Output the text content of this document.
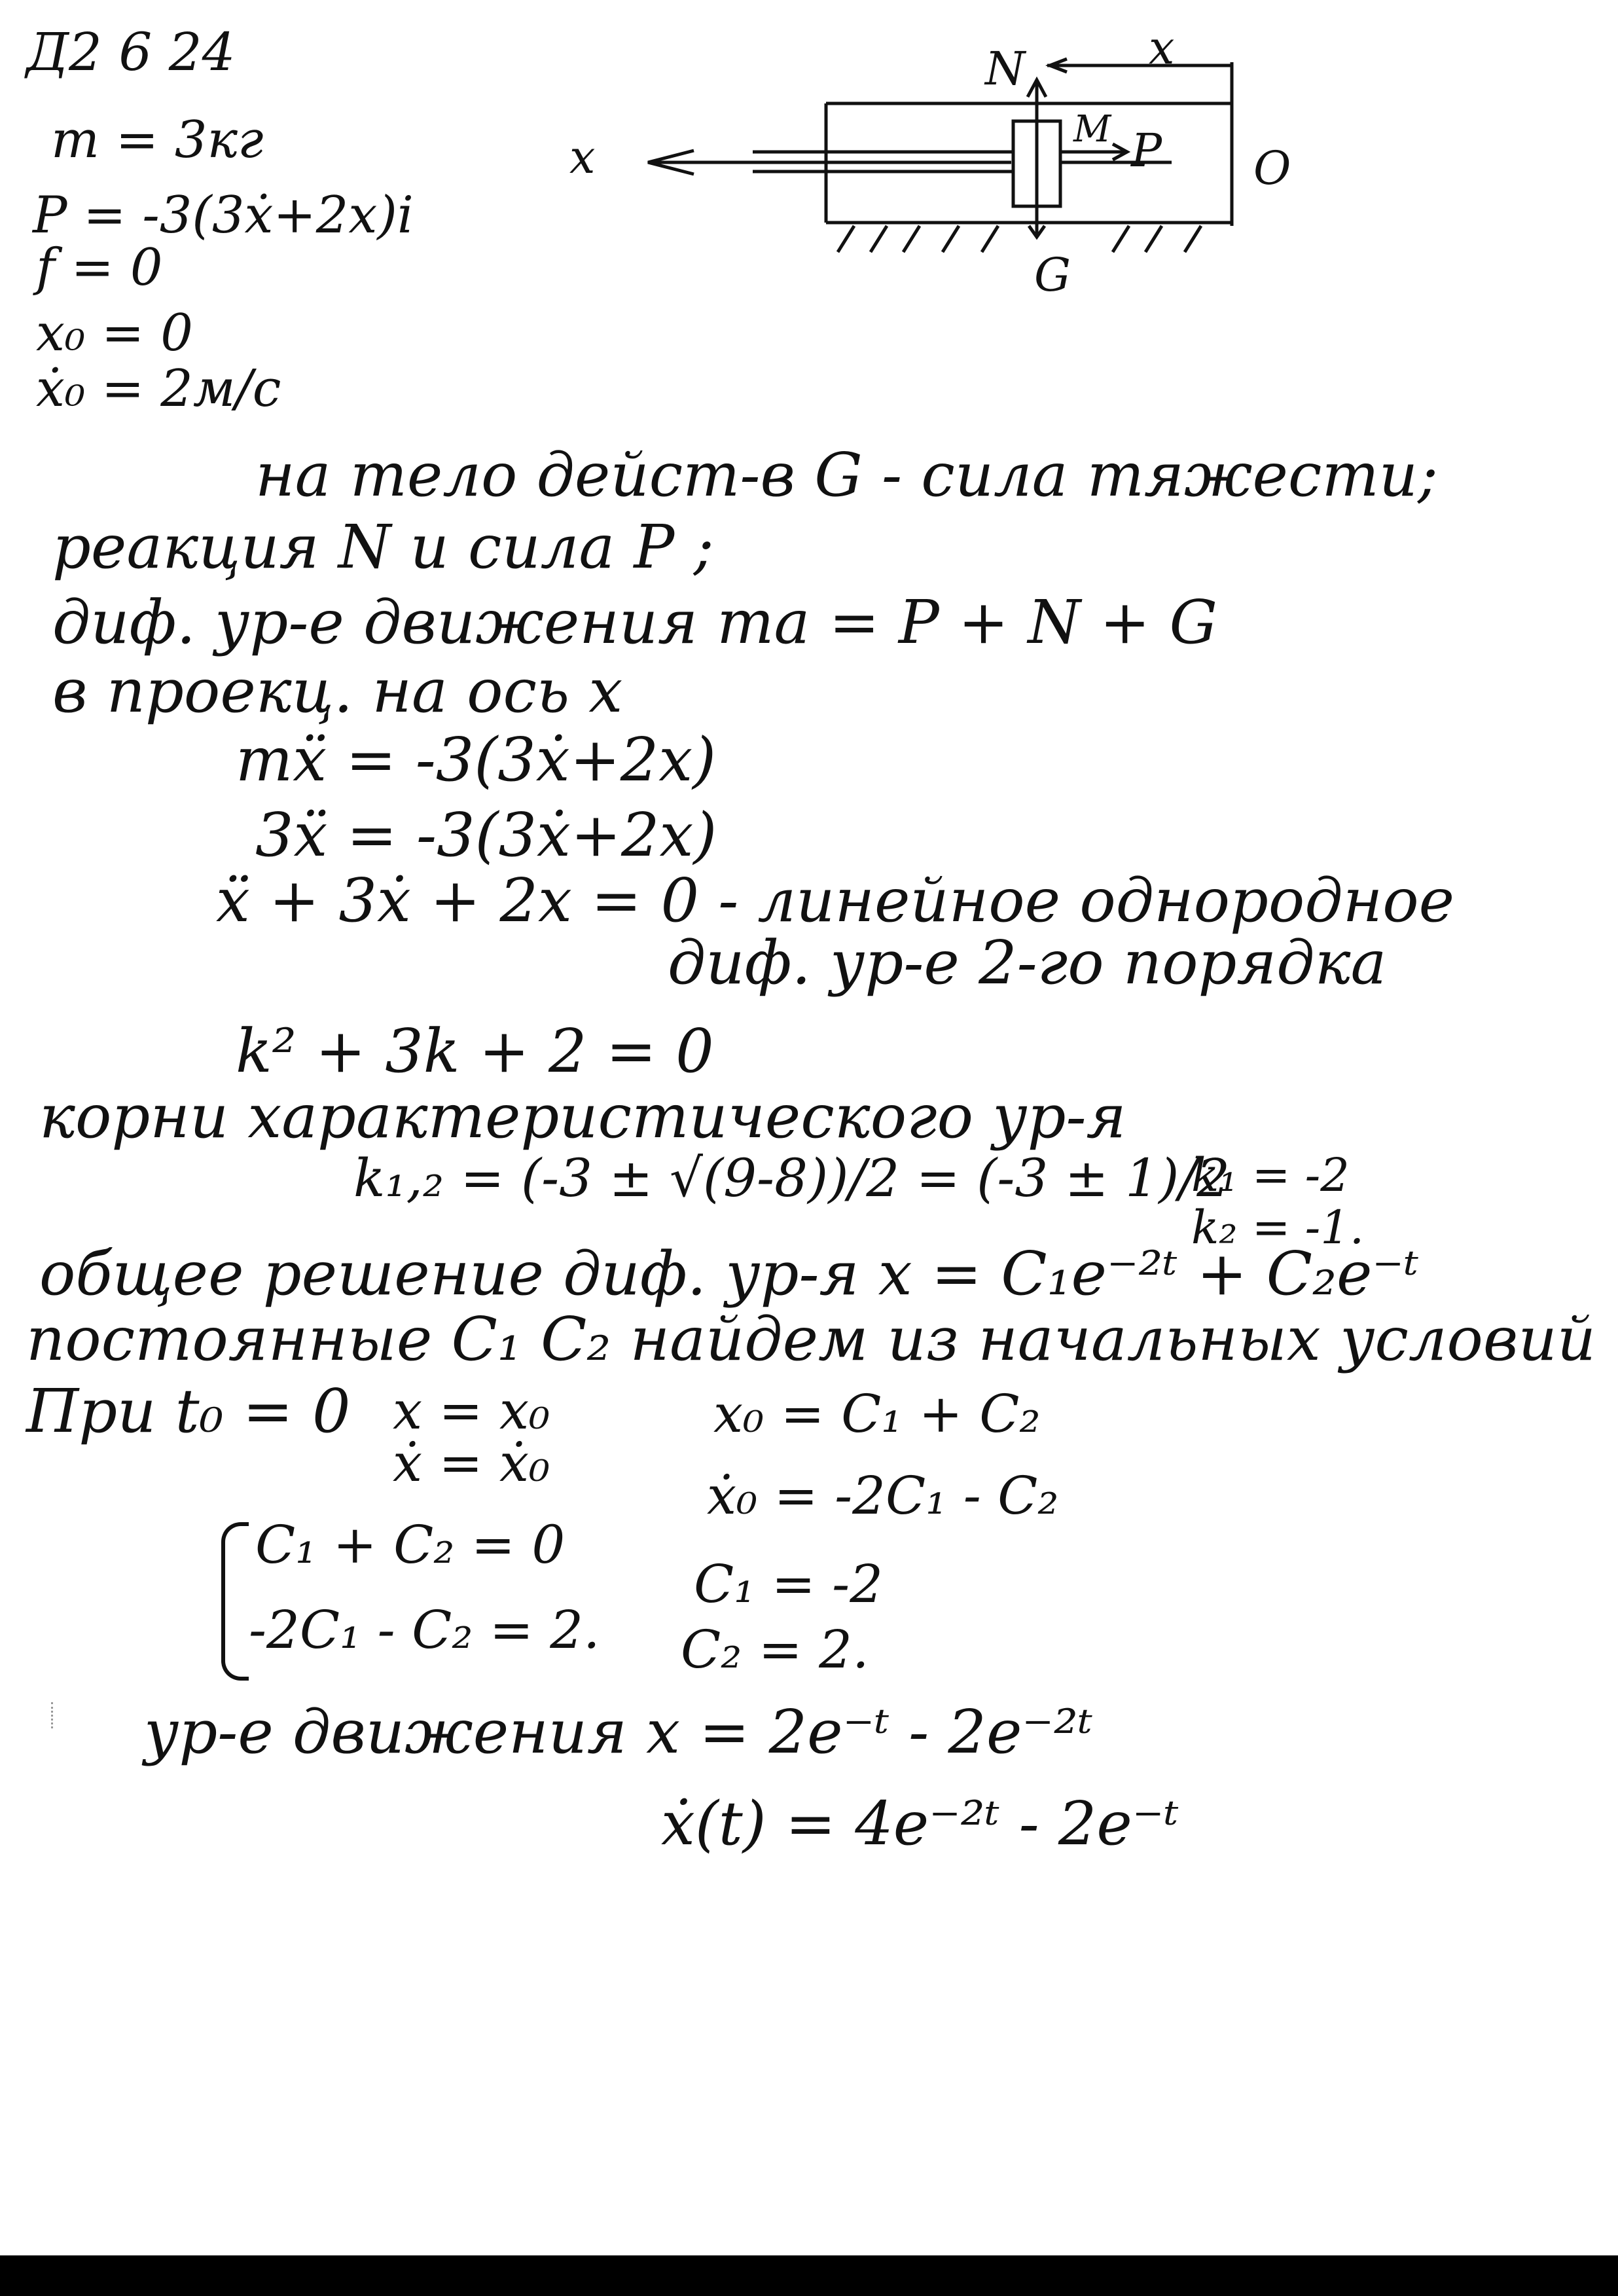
Д2 6 24
m = 3кг
P = -3(3ẋ+2x)i
f = 0
x₀ = 0
ẋ₀ = 2м/с
x
x
N
M P O
G
на тело дейст-в G - сила тяжести;
реакция N и сила P ;
диф. ур-е движения ma = P + N + G
в проекц. на ось x
mẍ = -3(3ẋ+2x)
3ẍ = -3(3ẋ+2x)
ẍ + 3ẋ + 2x = 0 - линейное однородное
диф. ур-е 2-го порядка
k² + 3k + 2 = 0
корни характеристического ур-я
k₁,₂ = (-3 ± √(9-8))/2 = (-3 ± 1)/2
k₁ = -2
k₂ = -1.
общее решение диф. ур-я x = C₁e⁻²ᵗ + C₂e⁻ᵗ
постоянные C₁ C₂ найдем из начальных условий
При t₀ = 0 x = x₀
ẋ = ẋ₀
x₀ = C₁ + C₂
ẋ₀ = -2C₁ - C₂
C₁ + C₂ = 0
-2C₁ - C₂ = 2.
C₁ = -2
C₂ = 2.
ур-е движения x = 2e⁻ᵗ - 2e⁻²ᵗ
ẋ(t) = 4e⁻²ᵗ - 2e⁻ᵗ
